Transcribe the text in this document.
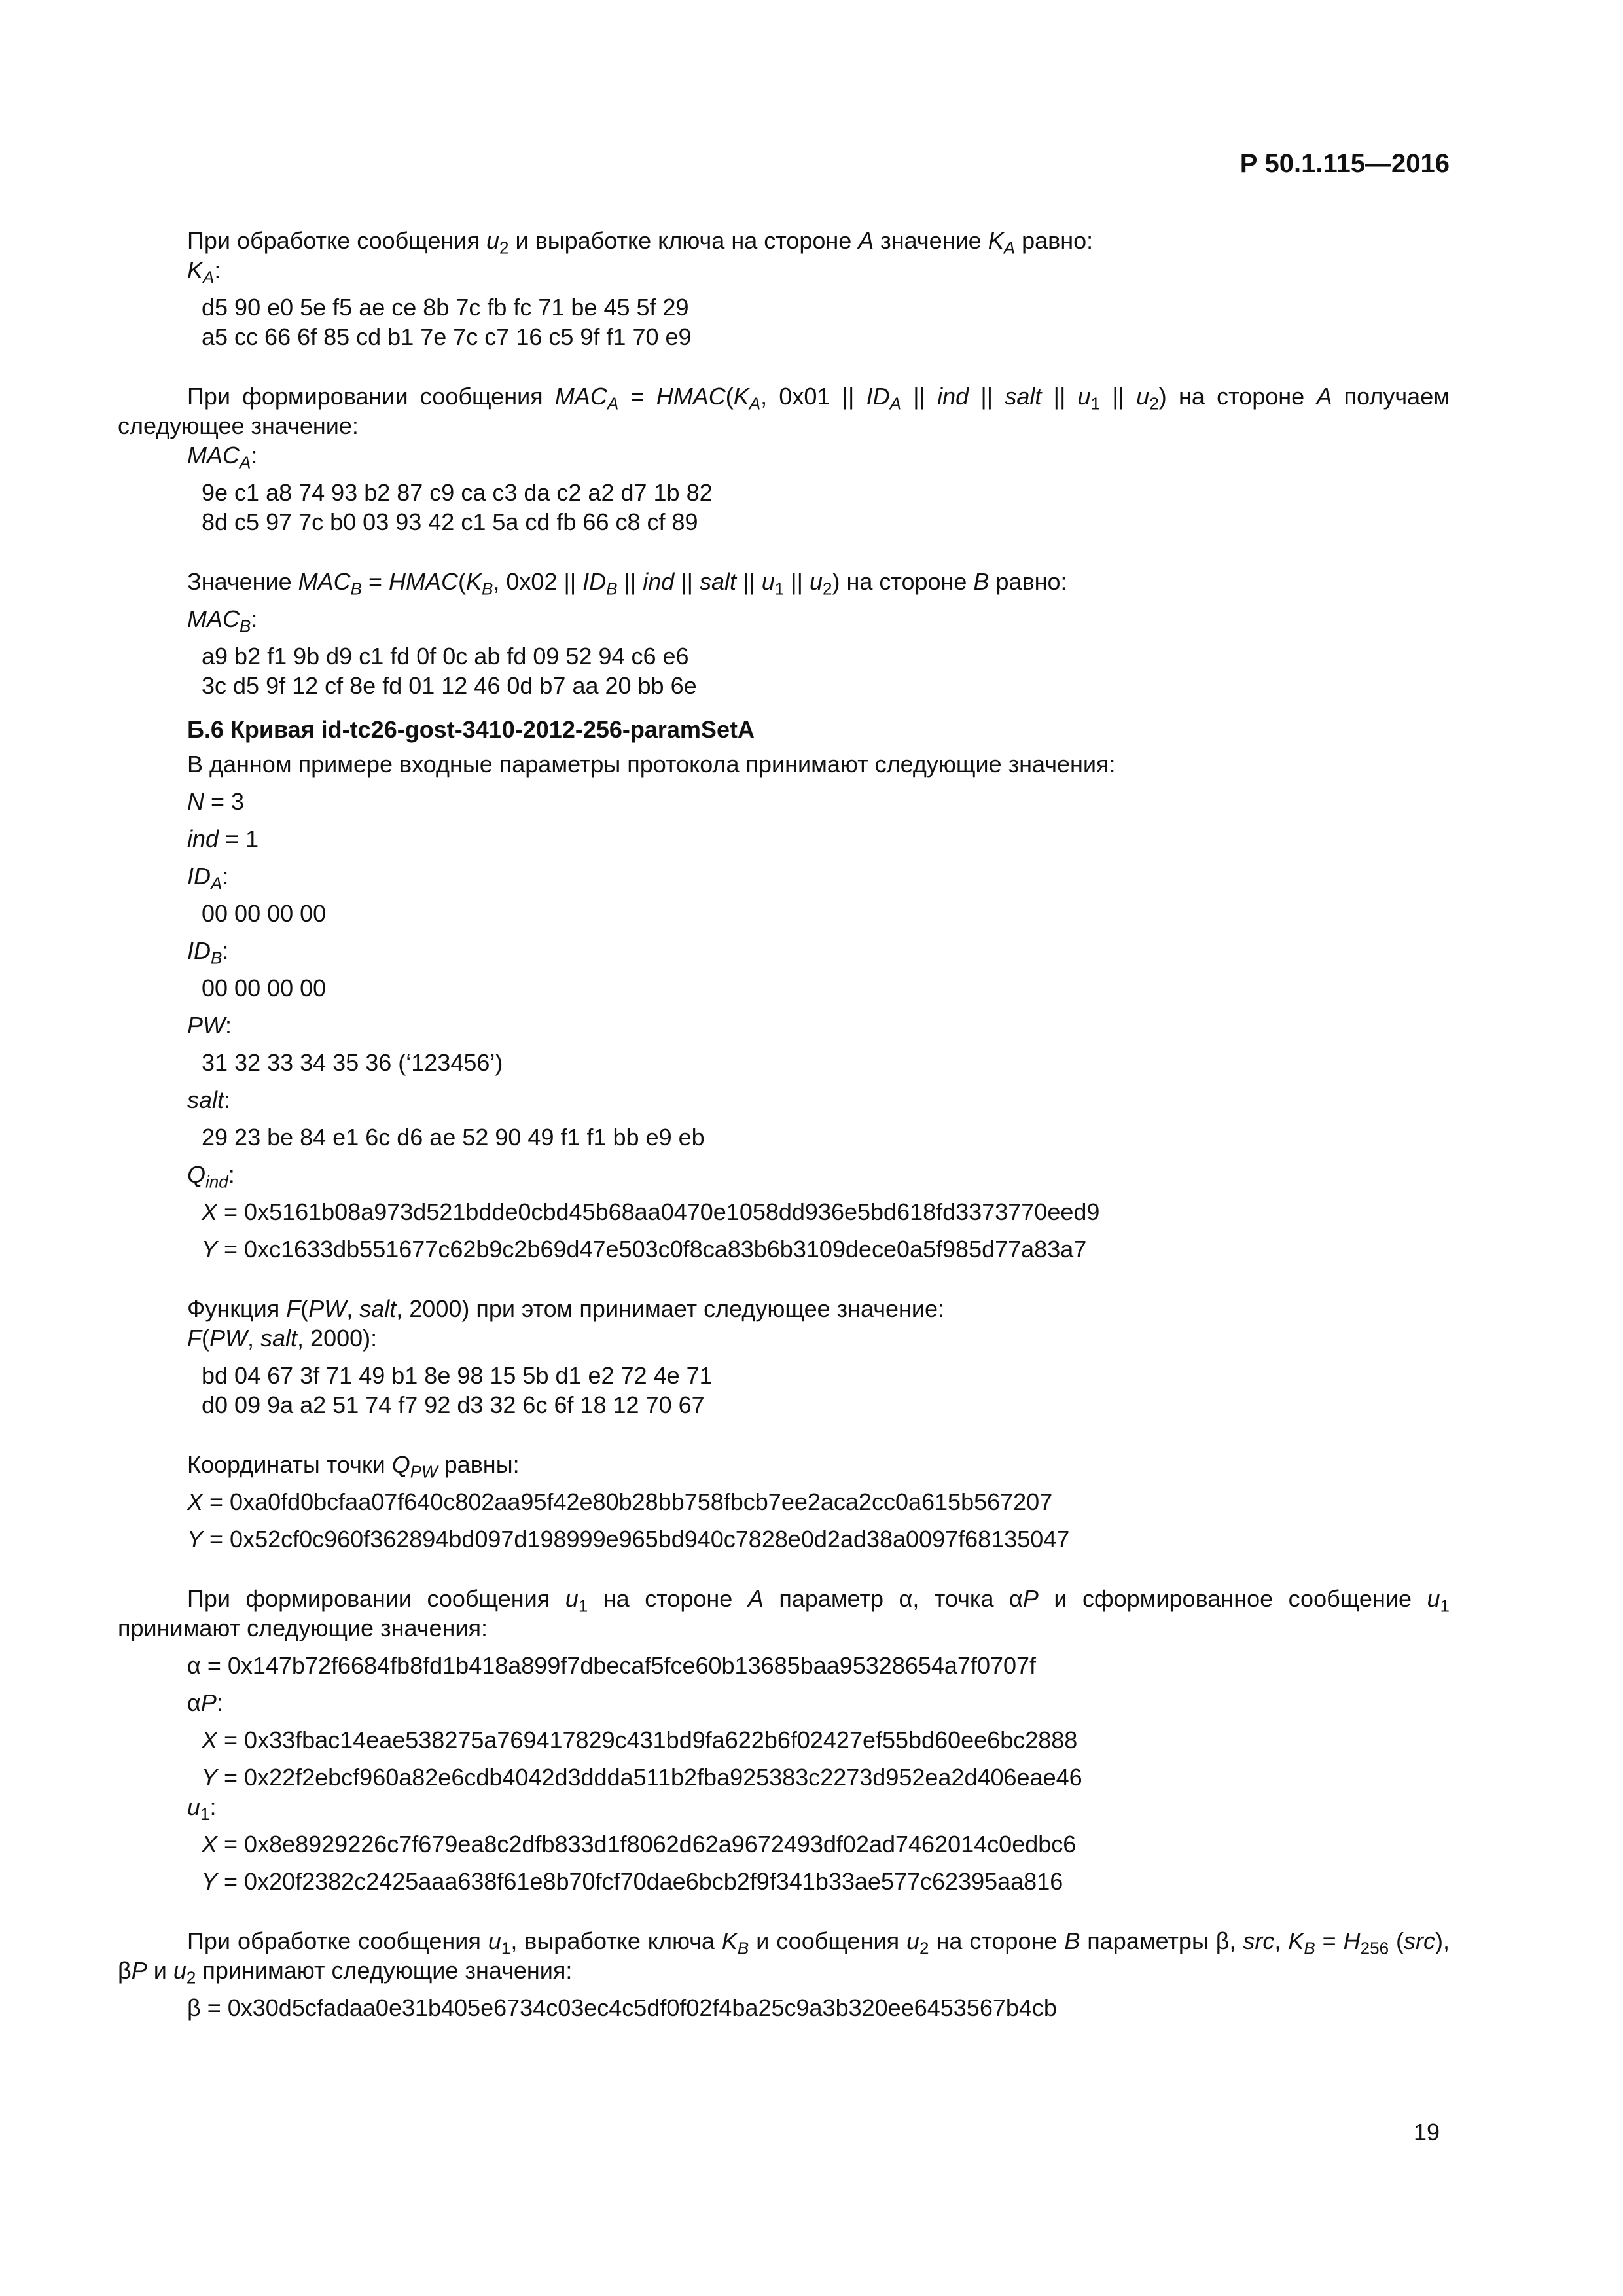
Р 50.1.115—2016

При обработке сообщения $u_2$ и выработке ключа на стороне A значение $K_A$ равно:

$K_A$:

d5 90 e0 5e f5 ae ce 8b 7c fb fc 71 be 45 5f 29

a5 cc 66 6f 85 cd b1 7e 7c c7 16 c5 9f f1 70 e9

При формировании сообщения $MAC_A$ = $HMAC(K_A$, 0x01 || $ID_A$ || ind || salt || $u_1$ || $u_2$) на стороне A получаем следующее значение:

$MAC_A$:

9e c1 a8 74 93 b2 87 c9 ca c3 da c2 a2 d7 1b 82

8d c5 97 7c b0 03 93 42 c1 5a cd fb 66 c8 cf 89

Значение $MAC_B$ = $HMAC(K_B$, 0x02 || $ID_B$ || ind || salt || $u_1$ || $u_2$) на стороне B равно:

$MAC_B$:

a9 b2 f1 9b d9 c1 fd 0f 0c ab fd 09 52 94 c6 e6

3c d5 9f 12 cf 8e fd 01 12 46 0d b7 aa 20 bb 6e

Б.6 Кривая id-tc26-gost-3410-2012-256-paramSetA

В данном примере входные параметры протокола принимают следующие значения:

N = 3

ind = 1

$ID_A$:

00 00 00 00

$ID_B$:

00 00 00 00

PW:

31 32 33 34 35 36 (‘123456’)

salt:

29 23 be 84 e1 6c d6 ae 52 90 49 f1 f1 bb e9 eb

$Q_{ind}$:

X = 0x5161b08a973d521bdde0cbd45b68aa0470e1058dd936e5bd618fd3373770eed9

Y = 0xc1633db551677c62b9c2b69d47e503c0f8ca83b6b3109dece0a5f985d77a83a7

Функция F(PW, salt, 2000) при этом принимает следующее значение:

F(PW, salt, 2000):

bd 04 67 3f 71 49 b1 8e 98 15 5b d1 e2 72 4e 71

d0 09 9a a2 51 74 f7 92 d3 32 6c 6f 18 12 70 67

Координаты точки $Q_{PW}$ равны:

X = 0xa0fd0bcfaa07f640c802aa95f42e80b28bb758fbcb7ee2aca2cc0a615b567207

Y = 0x52cf0c960f362894bd097d198999e965bd940c7828e0d2ad38a0097f68135047

При формировании сообщения $u_1$ на стороне A параметр α, точка αP и сформированное сообщение $u_1$ принимают следующие значения:

α = 0x147b72f6684fb8fd1b418a899f7dbecaf5fce60b13685baa95328654a7f0707f

αP:

X = 0x33fbac14eae538275a769417829c431bd9fa622b6f02427ef55bd60ee6bc2888

Y = 0x22f2ebcf960a82e6cdb4042d3ddda511b2fba925383c2273d952ea2d406eae46

$u_1$:

X = 0x8e8929226c7f679ea8c2dfb833d1f8062d62a9672493df02ad7462014c0edbc6

Y = 0x20f2382c2425aaa638f61e8b70fcf70dae6bcb2f9f341b33ae577c62395aa816

При обработке сообщения $u_1$, выработке ключа $K_B$ и сообщения $u_2$ на стороне B параметры β, src, $K_B = H_{256}$ (src), βP и $u_2$ принимают следующие значения:

β = 0x30d5cfadaa0e31b405e6734c03ec4c5df0f02f4ba25c9a3b320ee6453567b4cb

19
